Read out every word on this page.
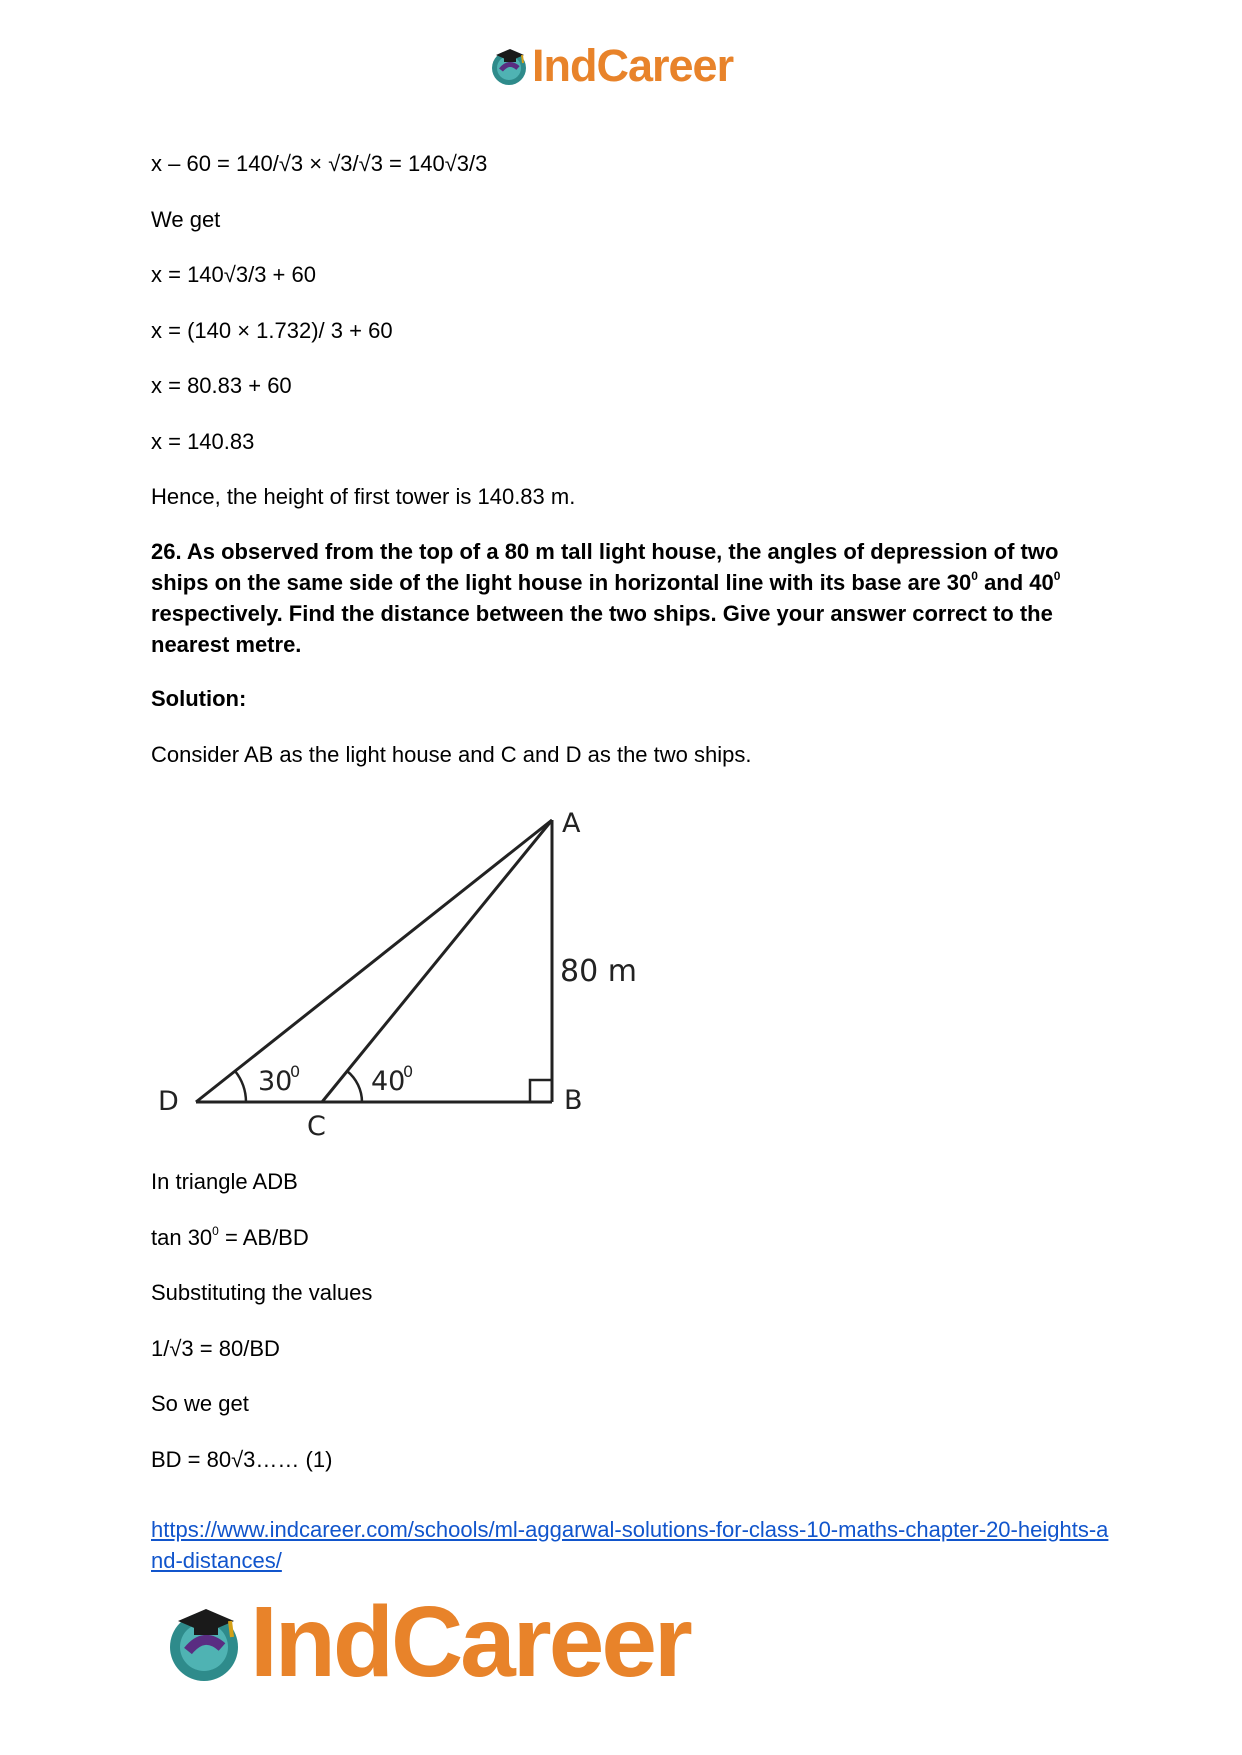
IndCareer

x – 60 = 140/√3 × √3/√3 = 140√3/3

We get

x = 140√3/3 + 60

x = (140 × 1.732)/ 3 + 60

x = 80.83 + 60

x = 140.83

Hence, the height of first tower is 140.83 m.

26. As observed from the top of a 80 m tall light house, the angles of depression of two ships on the same side of the light house in horizontal line with its base are $30^0$ and $40^0$ respectively. Find the distance between the two ships. Give your answer correct to the nearest metre.

Solution:

Consider AB as the light house and C and D as the two ships.

A
B
C
D
80 m
30
0	40
0

In triangle ADB

$\tan 30^0 = AB/BD$

Substituting the values

1/√3 = 80/BD

So we get

BD = 80√3…… (1)

https://www.indcareer.com/schools/ml-aggarwal-solutions-for-class-10-maths-chapter-20-heights-and-distances/
IndCareer
